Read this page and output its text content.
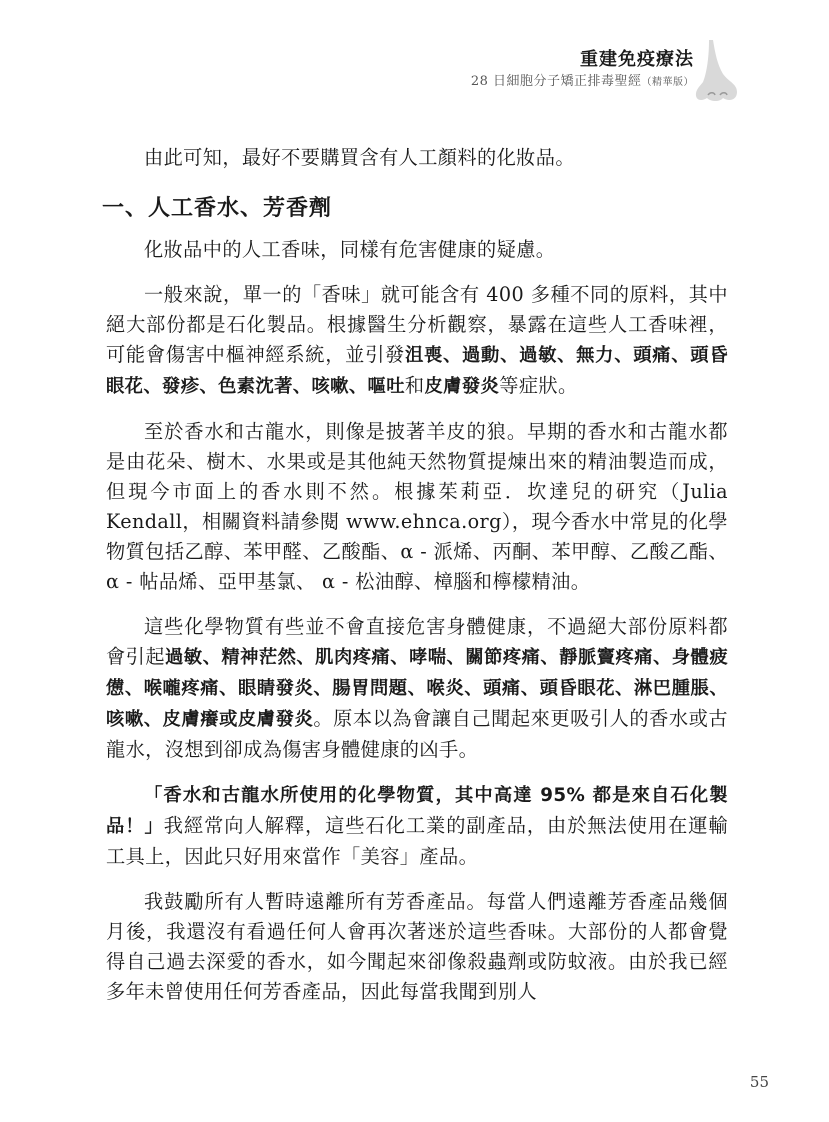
重建免疫療法
28 日細胞分子矯正排毒聖經（精華版）

由此可知，最好不要購買含有人工顏料的化妝品。

一、人工香水、芳香劑

化妝品中的人工香味，同樣有危害健康的疑慮。

一般來說，單一的「香味」就可能含有 400 多種不同的原料，其中絕大部份都是石化製品。根據醫生分析觀察，暴露在這些人工香味裡，可能會傷害中樞神經系統，並引發沮喪、過動、過敏、無力、頭痛、頭昏眼花、發疹、色素沈著、咳嗽、嘔吐和皮膚發炎等症狀。

至於香水和古龍水，則像是披著羊皮的狼。早期的香水和古龍水都是由花朵、樹木、水果或是其他純天然物質提煉出來的精油製造而成，但現今市面上的香水則不然。根據茱莉亞．坎達兒的研究（Julia Kendall，相關資料請參閱 www.ehnca.org），現今香水中常見的化學物質包括乙醇、苯甲醛、乙酸酯、α - 派烯、丙酮、苯甲醇、乙酸乙酯、 α - 帖品烯、亞甲基氯、 α - 松油醇、樟腦和檸檬精油。

這些化學物質有些並不會直接危害身體健康，不過絕大部份原料都會引起過敏、精神茫然、肌肉疼痛、哮喘、關節疼痛、靜脈竇疼痛、身體疲憊、喉嚨疼痛、眼睛發炎、腸胃問題、喉炎、頭痛、頭昏眼花、淋巴腫脹、咳嗽、皮膚癢或皮膚發炎。原本以為會讓自己聞起來更吸引人的香水或古龍水，沒想到卻成為傷害身體健康的凶手。

「香水和古龍水所使用的化學物質，其中高達 95% 都是來自石化製品！」我經常向人解釋，這些石化工業的副產品，由於無法使用在運輸工具上，因此只好用來當作「美容」產品。

我鼓勵所有人暫時遠離所有芳香產品。每當人們遠離芳香產品幾個月後，我還沒有看過任何人會再次著迷於這些香味。大部份的人都會覺得自己過去深愛的香水，如今聞起來卻像殺蟲劑或防蚊液。由於我已經多年未曾使用任何芳香產品，因此每當我聞到別人

55
